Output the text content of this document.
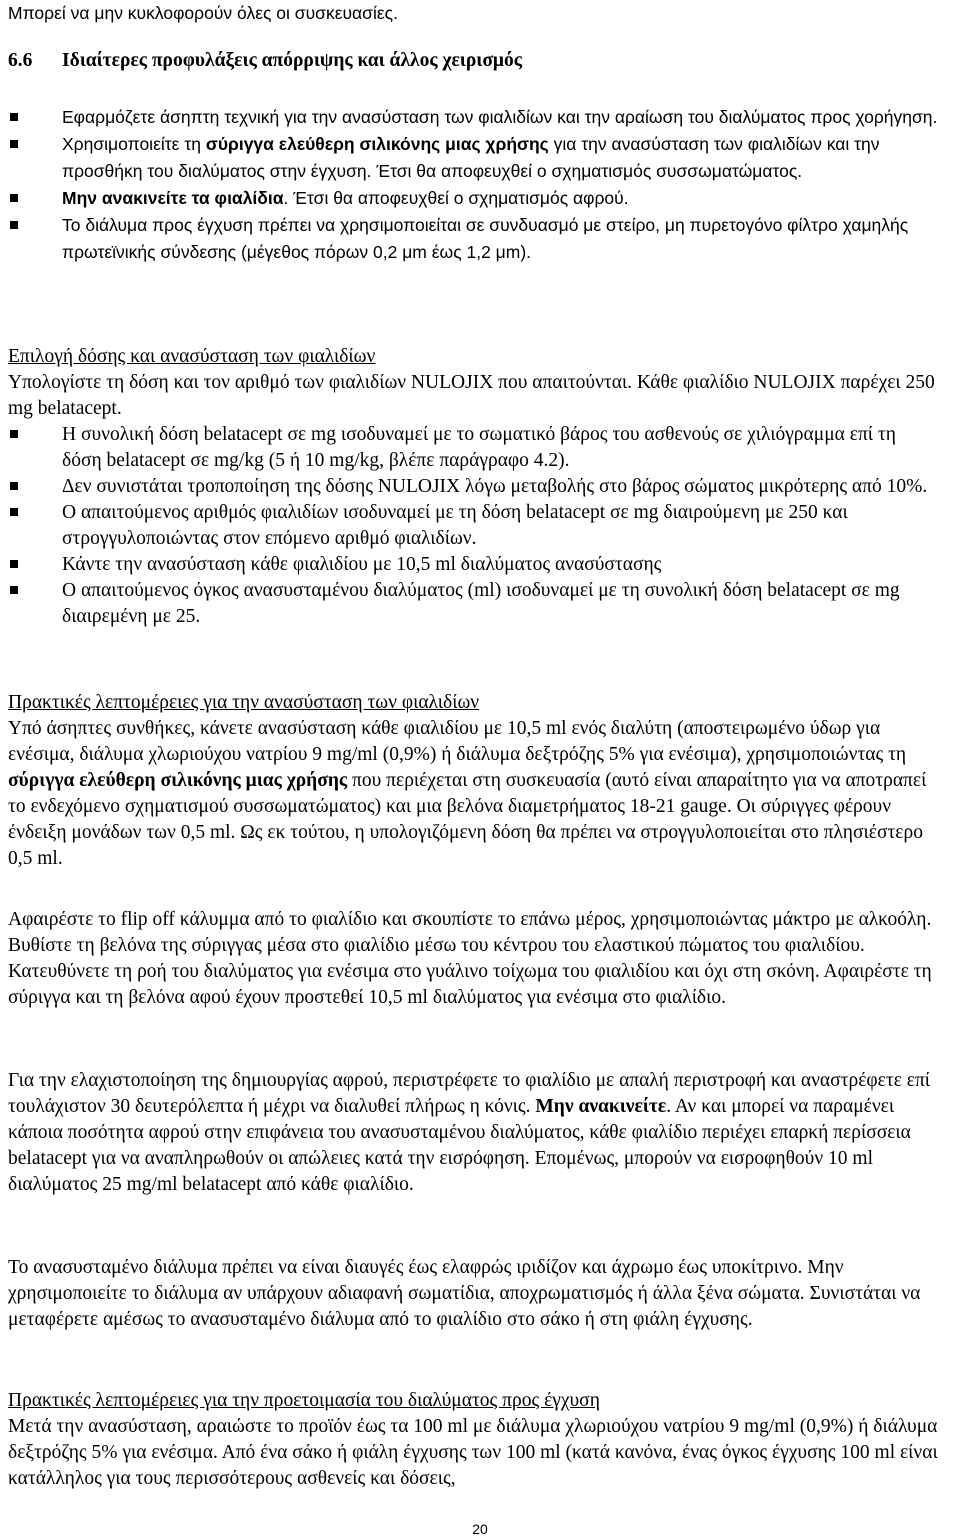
Μπορεί να μην κυκλοφορούν όλες οι συσκευασίες.

6.6 Ιδιαίτερες προφυλάξεις απόρριψης και άλλος χειρισμός

Εφαρμόζετε άσηπτη τεχνική για την ανασύσταση των φιαλιδίων και την αραίωση του διαλύματος προς χορήγηση.
Χρησιμοποιείτε τη σύριγγα ελεύθερη σιλικόνης μιας χρήσης για την ανασύσταση των φιαλιδίων και την προσθήκη του διαλύματος στην έγχυση. Έτσι θα αποφευχθεί ο σχηματισμός συσσωματώματος.
Μην ανακινείτε τα φιαλίδια. Έτσι θα αποφευχθεί ο σχηματισμός αφρού.
Το διάλυμα προς έγχυση πρέπει να χρησιμοποιείται σε συνδυασμό με στείρο, μη πυρετογόνο φίλτρο χαμηλής πρωτεϊνικής σύνδεσης (μέγεθος πόρων 0,2 μm έως 1,2 μm).

Επιλογή δόσης και ανασύσταση των φιαλιδίων

Υπολογίστε τη δόση και τον αριθμό των φιαλιδίων NULOJIX που απαιτούνται. Κάθε φιαλίδιο NULOJIX παρέχει 250 mg belatacept.

Η συνολική δόση belatacept σε mg ισοδυναμεί με το σωματικό βάρος του ασθενούς σε χιλιόγραμμα επί τη δόση belatacept σε mg/kg (5 ή 10 mg/kg, βλέπε παράγραφο 4.2).
Δεν συνιστάται τροποποίηση της δόσης NULOJIX λόγω μεταβολής στο βάρος σώματος μικρότερης από 10%.
Ο απαιτούμενος αριθμός φιαλιδίων ισοδυναμεί με τη δόση belatacept σε mg διαιρούμενη με 250 και στρογγυλοποιώντας στον επόμενο αριθμό φιαλιδίων.
Κάντε την ανασύσταση κάθε φιαλιδίου με 10,5 ml διαλύματος ανασύστασης
Ο απαιτούμενος όγκος ανασυσταμένου διαλύματος (ml) ισοδυναμεί με τη συνολική δόση belatacept σε mg διαιρεμένη με 25.

Πρακτικές λεπτομέρειες για την ανασύσταση των φιαλιδίων

Υπό άσηπτες συνθήκες, κάνετε ανασύσταση κάθε φιαλιδίου με 10,5 ml ενός διαλύτη (αποστειρωμένο ύδωρ για ενέσιμα, διάλυμα χλωριούχου νατρίου 9 mg/ml (0,9%) ή διάλυμα δεξτρόζης 5% για ενέσιμα), χρησιμοποιώντας τη σύριγγα ελεύθερη σιλικόνης μιας χρήσης που περιέχεται στη συσκευασία (αυτό είναι απαραίτητο για να αποτραπεί το ενδεχόμενο σχηματισμού συσσωματώματος) και μια βελόνα διαμετρήματος 18-21 gauge. Οι σύριγγες φέρουν ένδειξη μονάδων των 0,5 ml. Ως εκ τούτου, η υπολογιζόμενη δόση θα πρέπει να στρογγυλοποιείται στο πλησιέστερο 0,5 ml.

Αφαιρέστε το flip off κάλυμμα από το φιαλίδιο και σκουπίστε το επάνω μέρος, χρησιμοποιώντας μάκτρο με αλκοόλη. Βυθίστε τη βελόνα της σύριγγας μέσα στο φιαλίδιο μέσω του κέντρου του ελαστικού πώματος του φιαλιδίου. Κατευθύνετε τη ροή του διαλύματος για ενέσιμα στο γυάλινο τοίχωμα του φιαλιδίου και όχι στη σκόνη. Αφαιρέστε τη σύριγγα και τη βελόνα αφού έχουν προστεθεί 10,5 ml διαλύματος για ενέσιμα στο φιαλίδιο.

Για την ελαχιστοποίηση της δημιουργίας αφρού, περιστρέφετε το φιαλίδιο με απαλή περιστροφή και αναστρέφετε επί τουλάχιστον 30 δευτερόλεπτα ή μέχρι να διαλυθεί πλήρως η κόνις. Μην ανακινείτε. Αν και μπορεί να παραμένει κάποια ποσότητα αφρού στην επιφάνεια του ανασυσταμένου διαλύματος, κάθε φιαλίδιο περιέχει επαρκή περίσσεια belatacept για να αναπληρωθούν οι απώλειες κατά την εισρόφηση. Επομένως, μπορούν να εισροφηθούν 10 ml διαλύματος 25 mg/ml belatacept από κάθε φιαλίδιο.

Το ανασυσταμένο διάλυμα πρέπει να είναι διαυγές έως ελαφρώς ιριδίζον και άχρωμο έως υποκίτρινο. Μην χρησιμοποιείτε το διάλυμα αν υπάρχουν αδιαφανή σωματίδια, αποχρωματισμός ή άλλα ξένα σώματα. Συνιστάται να μεταφέρετε αμέσως το ανασυσταμένο διάλυμα από το φιαλίδιο στο σάκο ή στη φιάλη έγχυσης.

Πρακτικές λεπτομέρειες για την προετοιμασία του διαλύματος προς έγχυση

Μετά την ανασύσταση, αραιώστε το προϊόν έως τα 100 ml με διάλυμα χλωριούχου νατρίου 9 mg/ml (0,9%) ή διάλυμα δεξτρόζης 5% για ενέσιμα. Από ένα σάκο ή φιάλη έγχυσης των 100 ml (κατά κανόνα, ένας όγκος έγχυσης 100 ml είναι κατάλληλος για τους περισσότερους ασθενείς και δόσεις,

20
